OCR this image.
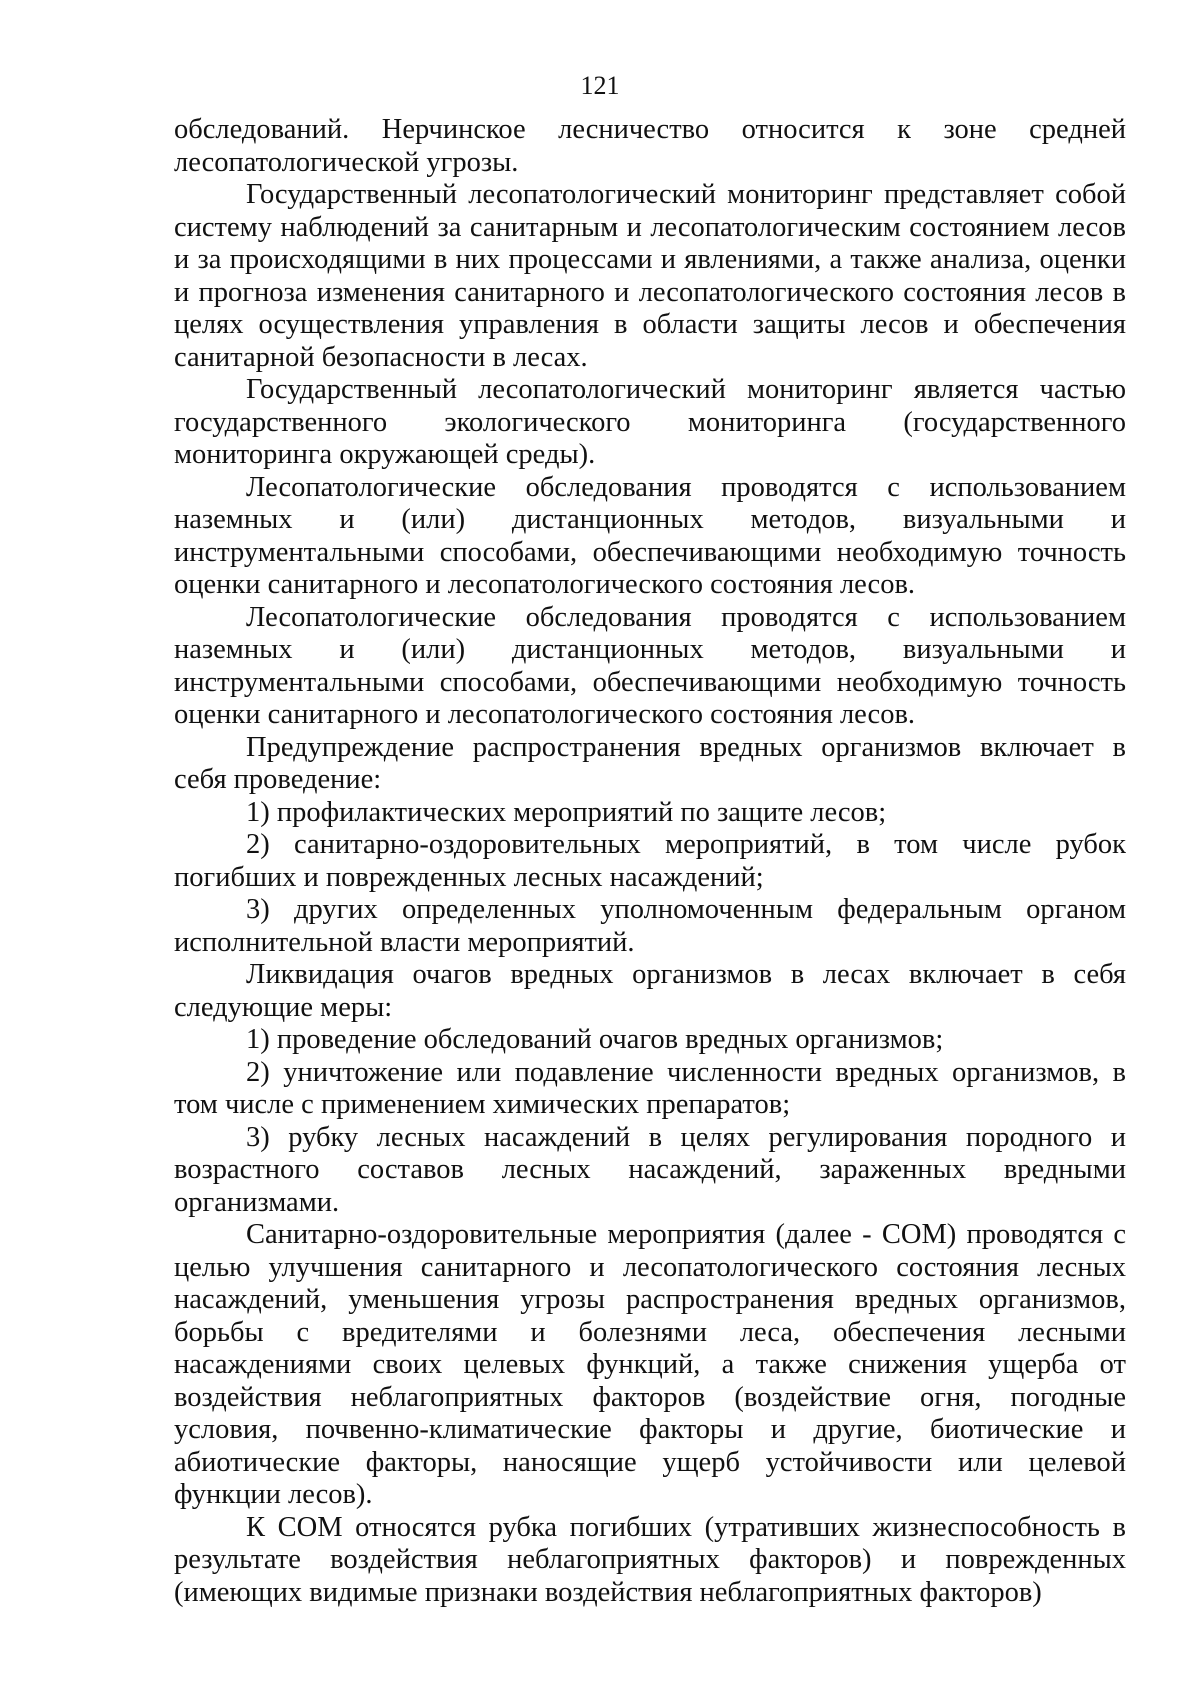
121

обследований. Нерчинское лесничество относится к зоне средней лесопатологической угрозы.

Государственный лесопатологический мониторинг представляет собой систему наблюдений за санитарным и лесопатологическим состоянием лесов и за происходящими в них процессами и явлениями, а также анализа, оценки и прогноза изменения санитарного и лесопатологического состояния лесов в целях осуществления управления в области защиты лесов и обеспечения санитарной безопасности в лесах.

Государственный лесопатологический мониторинг является частью государственного экологического мониторинга (государственного мониторинга окружающей среды).

Лесопатологические обследования проводятся с использованием наземных и (или) дистанционных методов, визуальными и инструментальными способами, обеспечивающими необходимую точность оценки санитарного и лесопатологического состояния лесов.

Лесопатологические обследования проводятся с использованием наземных и (или) дистанционных методов, визуальными и инструментальными способами, обеспечивающими необходимую точность оценки санитарного и лесопатологического состояния лесов.

Предупреждение распространения вредных организмов включает в себя проведение:

1) профилактических мероприятий по защите лесов;

2) санитарно-оздоровительных мероприятий, в том числе рубок погибших и поврежденных лесных насаждений;

3) других определенных уполномоченным федеральным органом исполнительной власти мероприятий.

Ликвидация очагов вредных организмов в лесах включает в себя следующие меры:

1) проведение обследований очагов вредных организмов;

2) уничтожение или подавление численности вредных организмов, в том числе с применением химических препаратов;

3) рубку лесных насаждений в целях регулирования породного и возрастного составов лесных насаждений, зараженных вредными организмами.

Санитарно-оздоровительные мероприятия (далее - СОМ) проводятся с целью улучшения санитарного и лесопатологического состояния лесных насаждений, уменьшения угрозы распространения вредных организмов, борьбы с вредителями и болезнями леса, обеспечения лесными насаждениями своих целевых функций, а также снижения ущерба от воздействия неблагоприятных факторов (воздействие огня, погодные условия, почвенно-климатические факторы и другие, биотические и абиотические факторы, наносящие ущерб устойчивости или целевой функции лесов).

К СОМ относятся рубка погибших (утративших жизнеспособность в результате воздействия неблагоприятных факторов) и поврежденных (имеющих видимые признаки воздействия неблагоприятных факторов)
